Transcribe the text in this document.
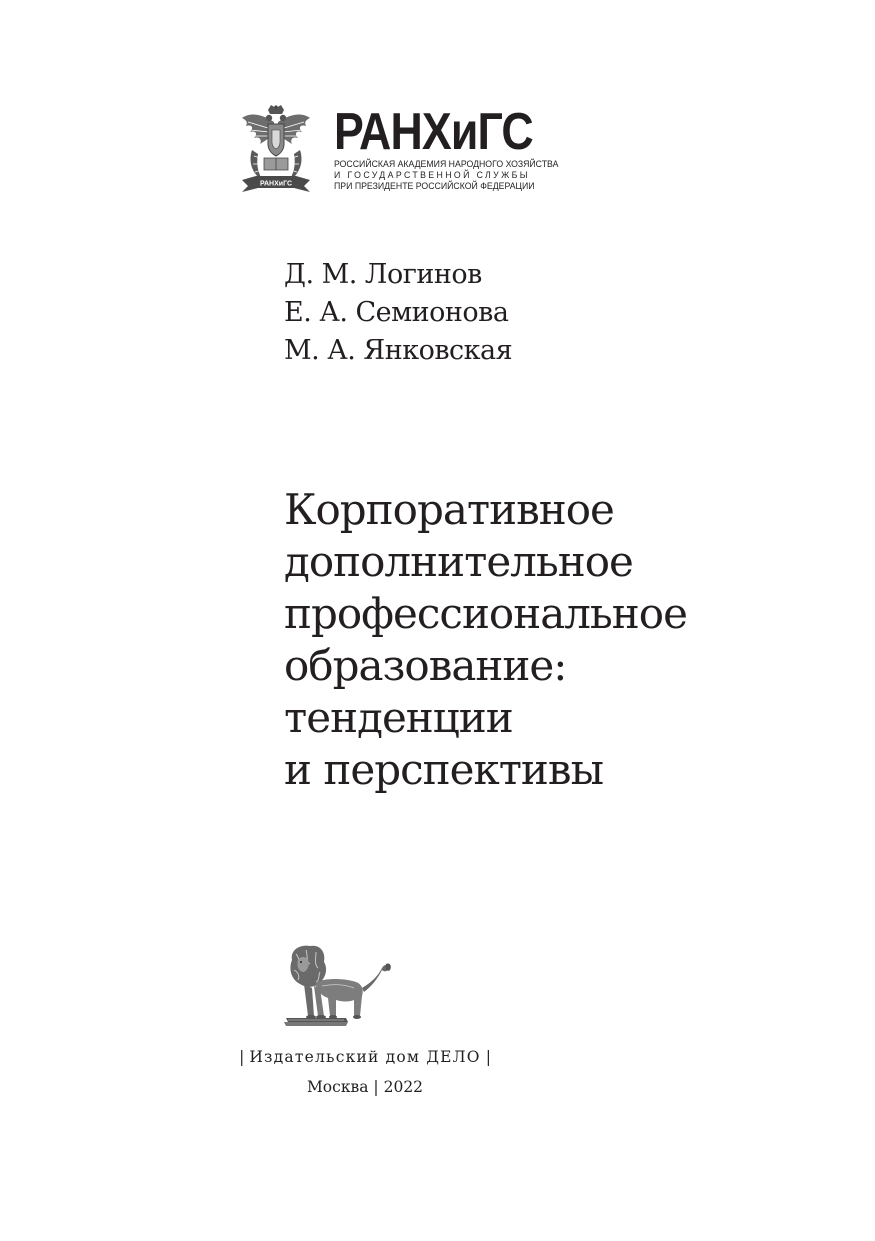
РАНХиГС
РАНХиГС
РОССИЙСКАЯ АКАДЕМИЯ НАРОДНОГО ХОЗЯЙСТВА
И ГОСУДАРСТВЕННОЙ СЛУЖБЫ
ПРИ ПРЕЗИДЕНТЕ РОССИЙСКОЙ ФЕДЕРАЦИИ
Д. М. Логинов
Е. А. Семионова
М. А. Янковская
Корпоративное
дополнительное
профессиональное
образование:
тенденции
и перспективы
| Издательский дом ДЕЛО |
Москва | 2022
